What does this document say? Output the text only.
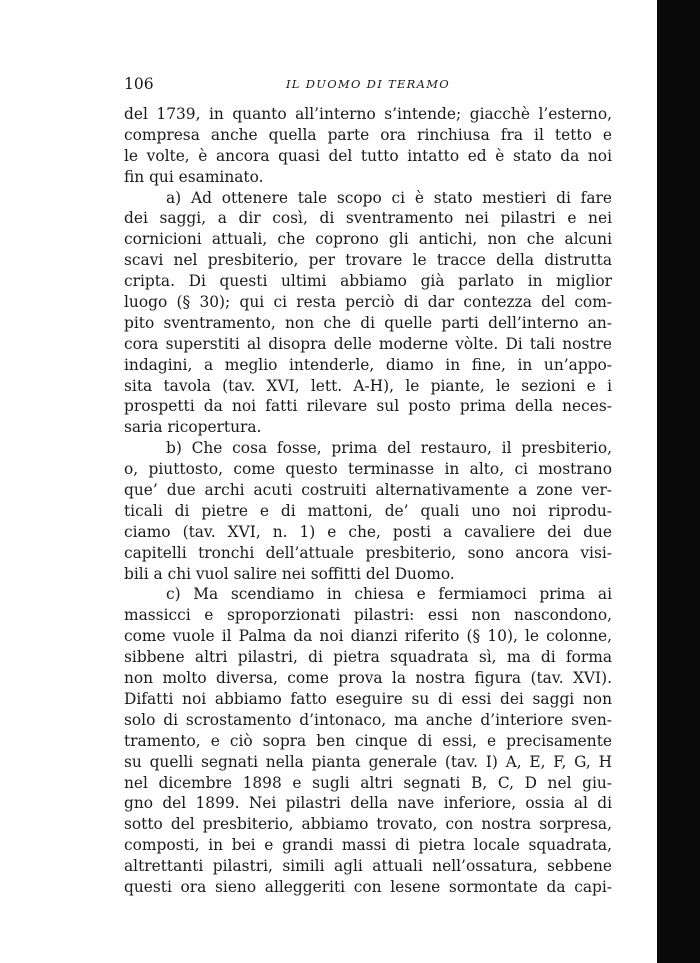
106	IL DUOMO DI TERAMO
del 1739, in quanto all’interno s’intende; giacchè l’esterno,
compresa anche quella parte ora rinchiusa fra il tetto e
le volte, è ancora quasi del tutto intatto ed è stato da noi
fin qui esaminato.
a) Ad ottenere tale scopo ci è stato mestieri di fare
dei saggi, a dir così, di sventramento nei pilastri e nei
cornicioni attuali, che coprono gli antichi, non che alcuni
scavi nel presbiterio, per trovare le tracce della distrutta
cripta. Di questi ultimi abbiamo già parlato in miglior
luogo (§ 30); qui ci resta perciò di dar contezza del com-
pito sventramento, non che di quelle parti dell’interno an-
cora superstiti al disopra delle moderne vòlte. Di tali nostre
indagini, a meglio intenderle, diamo in fine, in un’appo-
sita tavola (tav. XVI, lett. A-H), le piante, le sezioni e i
prospetti da noi fatti rilevare sul posto prima della neces-
saria ricopertura.
b) Che cosa fosse, prima del restauro, il presbiterio,
o, piuttosto, come questo terminasse in alto, ci mostrano
que’ due archi acuti costruiti alternativamente a zone ver-
ticali di pietre e di mattoni, de’ quali uno noi riprodu-
ciamo (tav. XVI, n. 1) e che, posti a cavaliere dei due
capitelli tronchi dell’attuale presbiterio, sono ancora visi-
bili a chi vuol salire nei soffitti del Duomo.
c) Ma scendiamo in chiesa e fermiamoci prima ai
massicci e sproporzionati pilastri: essi non nascondono,
come vuole il Palma da noi dianzi riferito (§ 10), le colonne,
sibbene altri pilastri, di pietra squadrata sì, ma di forma
non molto diversa, come prova la nostra figura (tav. XVI).
Difatti noi abbiamo fatto eseguire su di essi dei saggi non
solo di scrostamento d’intonaco, ma anche d’interiore sven-
tramento, e ciò sopra ben cinque di essi, e precisamente
su quelli segnati nella pianta generale (tav. I) A, E, F, G, H
nel dicembre 1898 e sugli altri segnati B, C, D nel giu-
gno del 1899. Nei pilastri della nave inferiore, ossia al di
sotto del presbiterio, abbiamo trovato, con nostra sorpresa,
composti, in bei e grandi massi di pietra locale squadrata,
altrettanti pilastri, simili agli attuali nell’ossatura, sebbene
questi ora sieno alleggeriti con lesene sormontate da capi-
